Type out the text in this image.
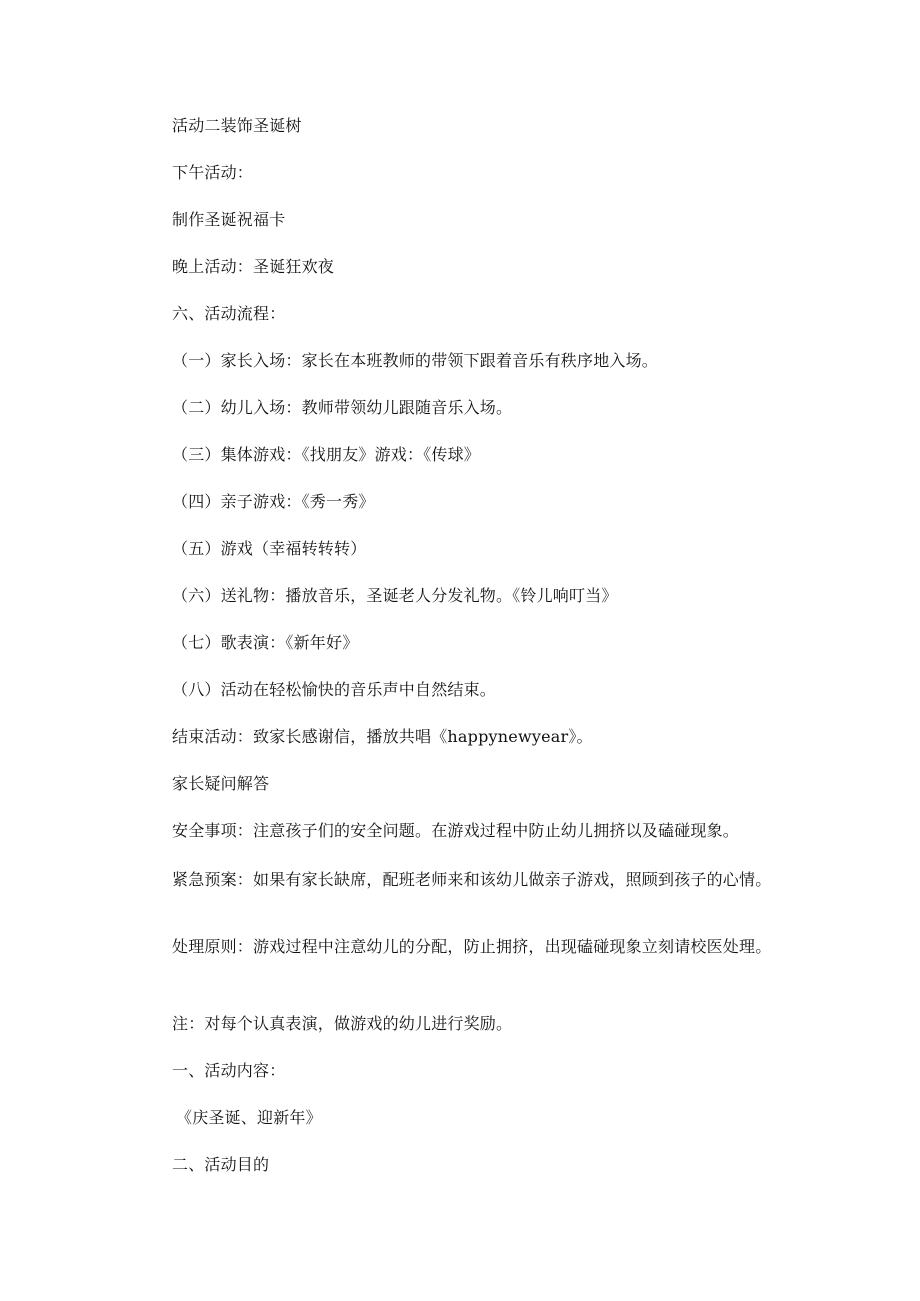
活动二装饰圣诞树
下午活动：
制作圣诞祝福卡
晚上活动：圣诞狂欢夜
六、活动流程：
（一）家长入场：家长在本班教师的带领下跟着音乐有秩序地入场。
（二）幼儿入场：教师带领幼儿跟随音乐入场。
（三）集体游戏：《找朋友》游戏：《传球》
（四）亲子游戏：《秀一秀》
（五）游戏（幸福转转转）
（六）送礼物：播放音乐，圣诞老人分发礼物。《铃儿响叮当》
（七）歌表演：《新年好》
（八）活动在轻松愉快的音乐声中自然结束。
结束活动：致家长感谢信，播放共唱《happynewyear》。
家长疑问解答
安全事项：注意孩子们的安全问题。在游戏过程中防止幼儿拥挤以及磕碰现象。
紧急预案：如果有家长缺席，配班老师来和该幼儿做亲子游戏，照顾到孩子的心情。
处理原则：游戏过程中注意幼儿的分配，防止拥挤，出现磕碰现象立刻请校医处理。
注：对每个认真表演，做游戏的幼儿进行奖励。
一、活动内容：
《庆圣诞、迎新年》
二、活动目的
